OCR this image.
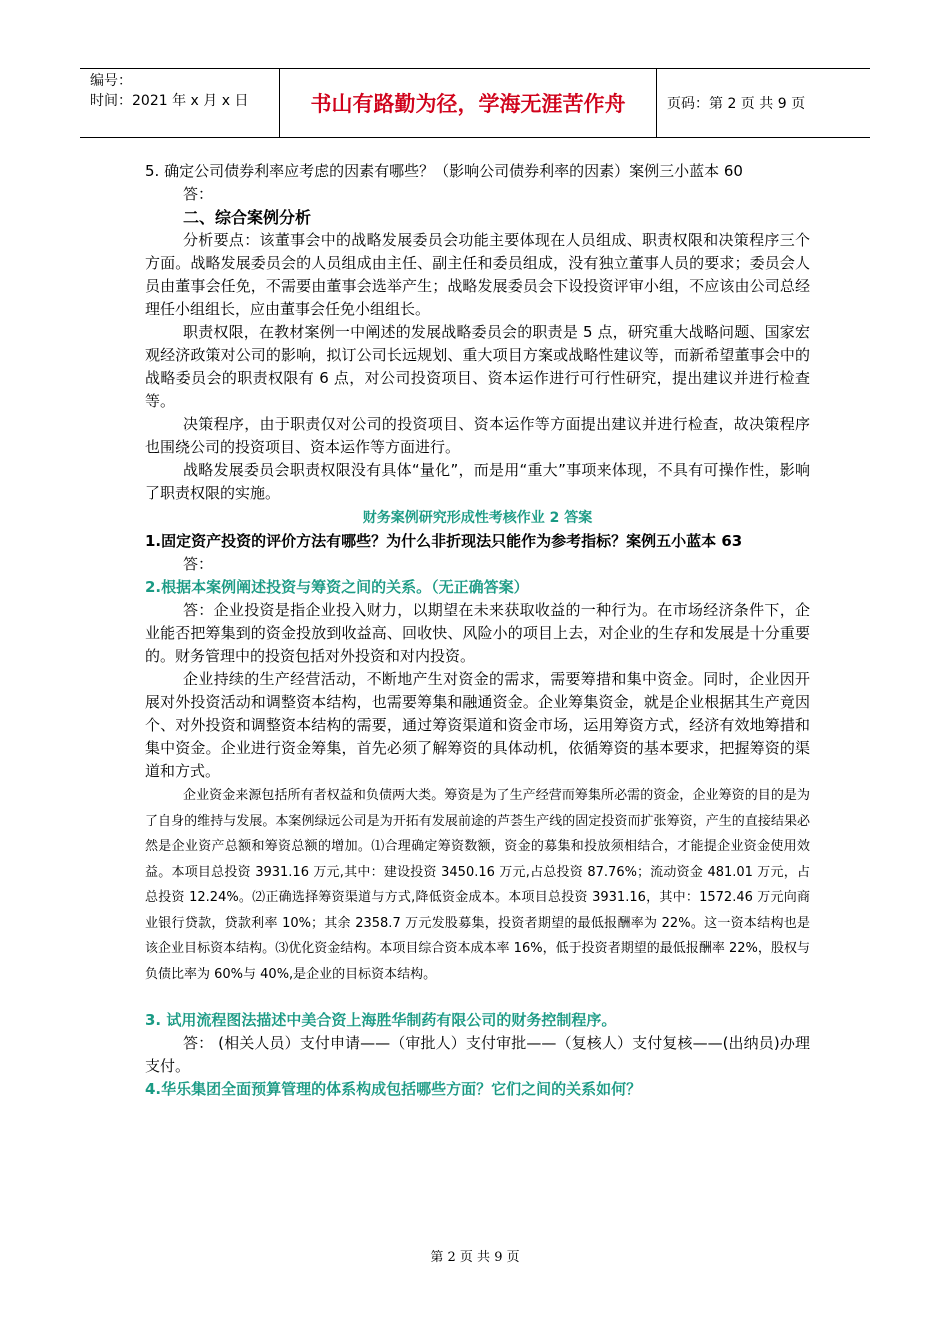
编号：
时间：2021 年 x 月 x 日	书山有路勤为径，学海无涯苦作舟	页码：第 2 页 共 9 页

5. 确定公司债券利率应考虑的因素有哪些？（影响公司债券利率的因素）案例三小蓝本 60

答：

二、综合案例分析

分析要点：该董事会中的战略发展委员会功能主要体现在人员组成、职责权限和决策程序三个方面。战略发展委员会的人员组成由主任、副主任和委员组成，没有独立董事人员的要求；委员会人员由董事会任免，不需要由董事会选举产生；战略发展委员会下设投资评审小组，不应该由公司总经理任小组组长，应由董事会任免小组组长。

职责权限，在教材案例一中阐述的发展战略委员会的职责是 5 点，研究重大战略问题、国家宏观经济政策对公司的影响，拟订公司长远规划、重大项目方案或战略性建议等，而新希望董事会中的战略委员会的职责权限有 6 点，对公司投资项目、资本运作进行可行性研究，提出建议并进行检查等。

决策程序，由于职责仅对公司的投资项目、资本运作等方面提出建议并进行检查，故决策程序也围绕公司的投资项目、资本运作等方面进行。

战略发展委员会职责权限没有具体“量化”，而是用“重大”事项来体现，不具有可操作性，影响了职责权限的实施。

财务案例研究形成性考核作业 2 答案

1.固定资产投资的评价方法有哪些？为什么非折现法只能作为参考指标？案例五小蓝本 63

答：

2.根据本案例阐述投资与筹资之间的关系。（无正确答案）

答：企业投资是指企业投入财力，以期望在未来获取收益的一种行为。在市场经济条件下，企业能否把筹集到的资金投放到收益高、回收快、风险小的项目上去，对企业的生存和发展是十分重要的。财务管理中的投资包括对外投资和对内投资。

企业持续的生产经营活动，不断地产生对资金的需求，需要筹措和集中资金。同时，企业因开展对外投资活动和调整资本结构，也需要筹集和融通资金。企业筹集资金，就是企业根据其生产竟因个、对外投资和调整资本结构的需要，通过筹资渠道和资金市场，运用筹资方式，经济有效地筹措和集中资金。企业进行资金筹集，首先必须了解筹资的具体动机，依循筹资的基本要求，把握筹资的渠道和方式。

企业资金来源包括所有者权益和负债两大类。筹资是为了生产经营而筹集所必需的资金，企业筹资的目的是为了自身的维持与发展。本案例绿远公司是为开拓有发展前途的芦荟生产线的固定投资而扩张筹资，产生的直接结果必然是企业资产总额和筹资总额的增加。⑴合理确定筹资数额，资金的募集和投放须相结合，才能提企业资金使用效益。本项目总投资 3931.16 万元,其中：建设投资 3450.16 万元,占总投资 87.76%；流动资金 481.01 万元，占总投资 12.24%。⑵正确选择筹资渠道与方式,降低资金成本。本项目总投资 3931.16，其中：1572.46 万元向商业银行贷款，贷款利率 10%；其余 2358.7 万元发股募集，投资者期望的最低报酬率为 22%。这一资本结构也是该企业目标资本结构。⑶优化资金结构。本项目综合资本成本率 16%，低于投资者期望的最低报酬率 22%，股权与负债比率为 60%与 40%,是企业的目标资本结构。

3. 试用流程图法描述中美合资上海胜华制药有限公司的财务控制程序。

答： (相关人员）支付申请——（审批人）支付审批——（复核人）支付复核——(出纳员)办理支付。

4.华乐集团全面预算管理的体系构成包括哪些方面？它们之间的关系如何？

第 2 页 共 9 页
